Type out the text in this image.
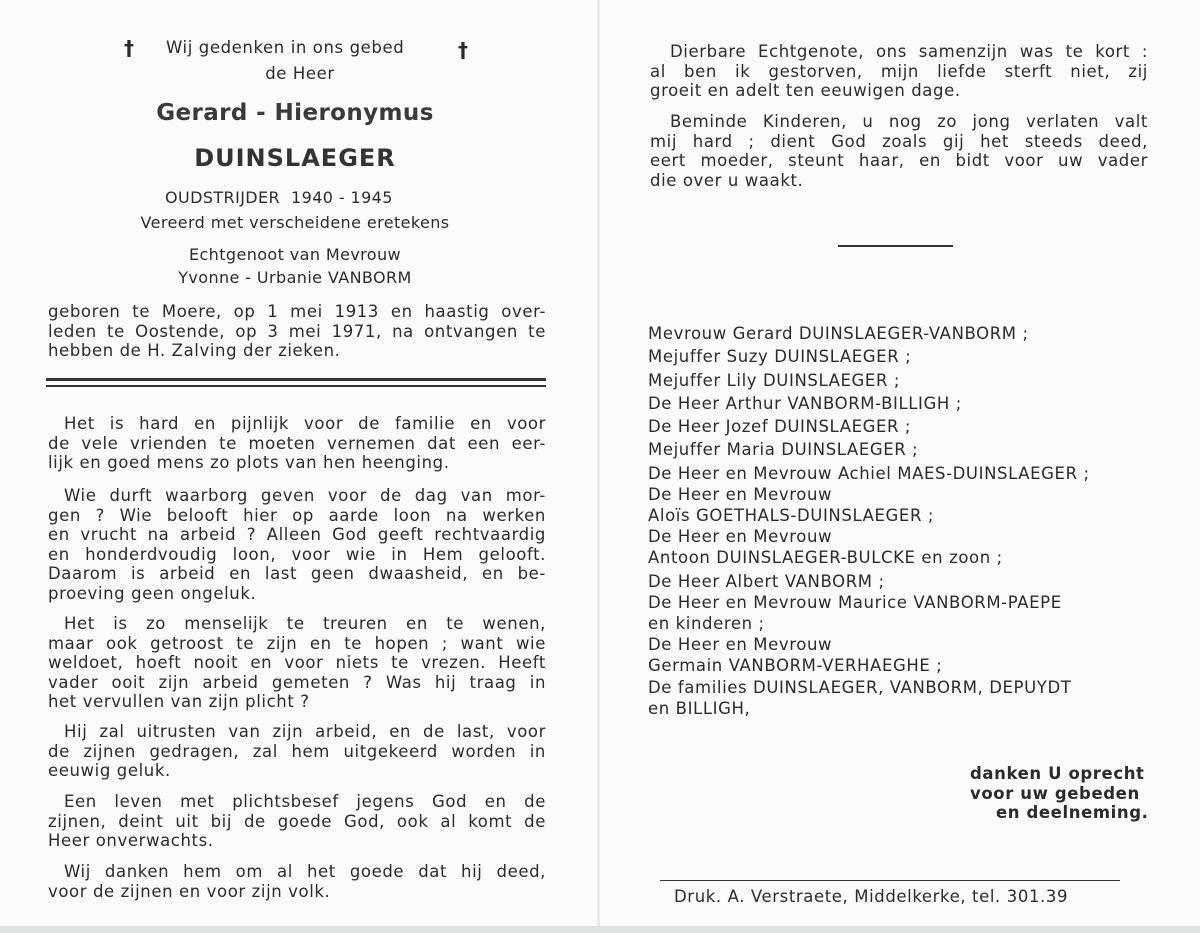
† Wij gedenken in ons gebed	†
de Heer
Gerard - Hieronymus
DUINSLAEGER
OUDSTRIJDER 1940 - 1945
Vereerd met verscheidene eretekens
Echtgenoot van Mevrouw
Yvonne - Urbanie VANBORM

geboren te Moere, op 1 mei 1913 en haastig over-

leden te Oostende, op 3 mei 1971, na ontvangen te

hebben de H. Zalving der zieken.

Het is hard en pijnlijk voor de familie en voor

de vele vrienden te moeten vernemen dat een eer-

lijk en goed mens zo plots van hen heenging.

Wie durft waarborg geven voor de dag van mor-

gen ? Wie belooft hier op aarde loon na werken

en vrucht na arbeid ? Alleen God geeft rechtvaardig

en honderdvoudig loon, voor wie in Hem gelooft.

Daarom is arbeid en last geen dwaasheid, en be-

proeving geen ongeluk.

Het is zo menselijk te treuren en te wenen,

maar ook getroost te zijn en te hopen ; want wie

weldoet, hoeft nooit en voor niets te vrezen. Heeft

vader ooit zijn arbeid gemeten ? Was hij traag in

het vervullen van zijn plicht ?

Hij zal uitrusten van zijn arbeid, en de last, voor

de zijnen gedragen, zal hem uitgekeerd worden in

eeuwig geluk.

Een leven met plichtsbesef jegens God en de

zijnen, deint uit bij de goede God, ook al komt de

Heer onverwachts.

Wij danken hem om al het goede dat hij deed,

voor de zijnen en voor zijn volk.

Dierbare Echtgenote, ons samenzijn was te kort :

al ben ik gestorven, mijn liefde sterft niet, zij

groeit en adelt ten eeuwigen dage.

Beminde Kinderen, u nog zo jong verlaten valt

mij hard ; dient God zoals gij het steeds deed,

eert moeder, steunt haar, en bidt voor uw vader

die over u waakt.

Mevrouw Gerard DUINSLAEGER-VANBORM ;

Mejuffer Suzy DUINSLAEGER ;

Mejuffer Lily DUINSLAEGER ;

De Heer Arthur VANBORM-BILLIGH ;

De Heer Jozef DUINSLAEGER ;

Mejuffer Maria DUINSLAEGER ;

De Heer en Mevrouw Achiel MAES-DUINSLAEGER ;

De Heer en Mevrouw

Aloïs GOETHALS-DUINSLAEGER ;

De Heer en Mevrouw

Antoon DUINSLAEGER-BULCKE en zoon ;

De Heer Albert VANBORM ;

De Heer en Mevrouw Maurice VANBORM-PAEPE

en kinderen ;

De Heer en Mevrouw

Germain VANBORM-VERHAEGHE ;

De families DUINSLAEGER, VANBORM, DEPUYDT

en BILLIGH,

danken U oprecht

voor uw gebeden

en deelneming.

Druk. A. Verstraete, Middelkerke, tel. 301.39
